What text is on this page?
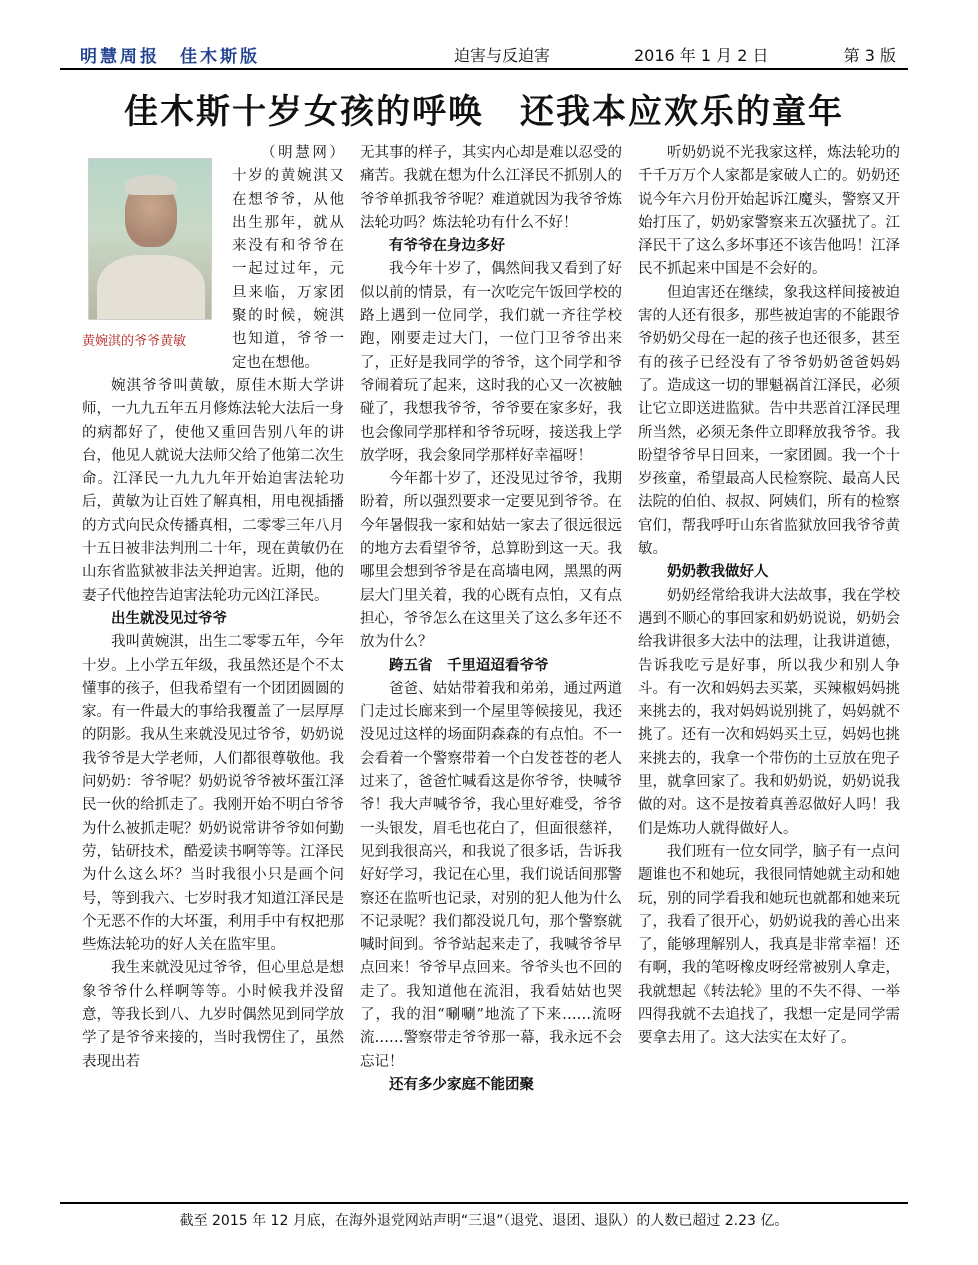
明慧周报　佳木斯版	迫害与反迫害	2016 年 1 月 2 日	第 3 版
佳木斯十岁女孩的呼唤　还我本应欢乐的童年
黄婉淇的爷爷黄敏

（明慧网）十岁的黄婉淇又在想爷爷，从他出生那年，就从来没有和爷爷在一起过过年，元旦来临，万家团聚的时候，婉淇也知道，爷爷一定也在想他。

婉淇爷爷叫黄敏，原佳木斯大学讲师，一九九五年五月修炼法轮大法后一身的病都好了，使他又重回告别八年的讲台，他见人就说大法师父给了他第二次生命。江泽民一九九九年开始迫害法轮功后，黄敏为让百姓了解真相，用电视插播的方式向民众传播真相，二零零三年八月十五日被非法判刑二十年，现在黄敏仍在山东省监狱被非法关押迫害。近期，他的妻子代他控告迫害法轮功元凶江泽民。

出生就没见过爷爷

我叫黄婉淇，出生二零零五年，今年十岁。上小学五年级，我虽然还是个不太懂事的孩子，但我希望有一个团团圆圆的家。有一件最大的事给我覆盖了一层厚厚的阴影。我从生来就没见过爷爷，奶奶说我爷爷是大学老师，人们都很尊敬他。我问奶奶：爷爷呢？奶奶说爷爷被坏蛋江泽民一伙的给抓走了。我刚开始不明白爷爷为什么被抓走呢？奶奶说常讲爷爷如何勤劳，钻研技术，酷爱读书啊等等。江泽民为什么这么坏？当时我很小只是画个问号，等到我六、七岁时我才知道江泽民是个无恶不作的大坏蛋，利用手中有权把那些炼法轮功的好人关在监牢里。

我生来就没见过爷爷，但心里总是想象爷爷什么样啊等等。小时候我并没留意，等我长到八、九岁时偶然见到同学放学了是爷爷来接的，当时我愣住了，虽然表现出若

无其事的样子，其实内心却是难以忍受的痛苦。我就在想为什么江泽民不抓别人的爷爷单抓我爷爷呢？难道就因为我爷爷炼法轮功吗？炼法轮功有什么不好！

有爷爷在身边多好

我今年十岁了，偶然间我又看到了好似以前的情景，有一次吃完午饭回学校的路上遇到一位同学，我们就一齐往学校跑，刚要走过大门，一位门卫爷爷出来了，正好是我同学的爷爷，这个同学和爷爷闹着玩了起来，这时我的心又一次被触碰了，我想我爷爷，爷爷要在家多好，我也会像同学那样和爷爷玩呀，接送我上学放学呀，我会象同学那样好幸福呀！

今年都十岁了，还没见过爷爷，我期盼着，所以强烈要求一定要见到爷爷。在今年暑假我一家和姑姑一家去了很远很远的地方去看望爷爷，总算盼到这一天。我哪里会想到爷爷是在高墙电网，黑黑的两层大门里关着，我的心既有点怕，又有点担心，爷爷怎么在这里关了这么多年还不放为什么？

跨五省　千里迢迢看爷爷

爸爸、姑姑带着我和弟弟，通过两道门走过长廊来到一个屋里等候接见，我还没见过这样的场面阴森森的有点怕。不一会看着一个警察带着一个白发苍苍的老人过来了，爸爸忙喊看这是你爷爷，快喊爷爷！我大声喊爷爷，我心里好难受，爷爷一头银发，眉毛也花白了，但面很慈祥，见到我很高兴，和我说了很多话，告诉我好好学习，我记在心里，我们说话间那警察还在监听也记录，对别的犯人他为什么不记录呢？我们都没说几句，那个警察就喊时间到。爷爷站起来走了，我喊爷爷早点回来！爷爷早点回来。爷爷头也不回的走了。我知道他在流泪，我看姑姑也哭了，我的泪“唰唰”地流了下来……流呀流……警察带走爷爷那一幕，我永远不会忘记！

还有多少家庭不能团聚

听奶奶说不光我家这样，炼法轮功的千千万万个人家都是家破人亡的。奶奶还说今年六月份开始起诉江魔头，警察又开始打压了，奶奶家警察来五次骚扰了。江泽民干了这么多坏事还不该告他吗！江泽民不抓起来中国是不会好的。

但迫害还在继续，象我这样间接被迫害的人还有很多，那些被迫害的不能跟爷爷奶奶父母在一起的孩子也还很多，甚至有的孩子已经没有了爷爷奶奶爸爸妈妈了。造成这一切的罪魁祸首江泽民，必须让它立即送进监狱。告中共恶首江泽民理所当然，必须无条件立即释放我爷爷。我盼望爷爷早日回来，一家团圆。我一个十岁孩童，希望最高人民检察院、最高人民法院的伯伯、叔叔、阿姨们，所有的检察官们，帮我呼吁山东省监狱放回我爷爷黄敏。

奶奶教我做好人

奶奶经常给我讲大法故事，我在学校遇到不顺心的事回家和奶奶说说，奶奶会给我讲很多大法中的法理，让我讲道德，告诉我吃亏是好事，所以我少和别人争斗。有一次和妈妈去买菜，买辣椒妈妈挑来挑去的，我对妈妈说别挑了，妈妈就不挑了。还有一次和妈妈买土豆，妈妈也挑来挑去的，我拿一个带伤的土豆放在兜子里，就拿回家了。我和奶奶说，奶奶说我做的对。这不是按着真善忍做好人吗！我们是炼功人就得做好人。

我们班有一位女同学，脑子有一点问题谁也不和她玩，我很同情她就主动和她玩，别的同学看我和她玩也就都和她来玩了，我看了很开心，奶奶说我的善心出来了，能够理解别人，我真是非常幸福！还有啊，我的笔呀橡皮呀经常被别人拿走，我就想起《转法轮》里的不失不得、一举四得我就不去追找了，我想一定是同学需要拿去用了。这大法实在太好了。

截至 2015 年 12 月底，在海外退党网站声明“三退”（退党、退团、退队）的人数已超过 2.23 亿。
